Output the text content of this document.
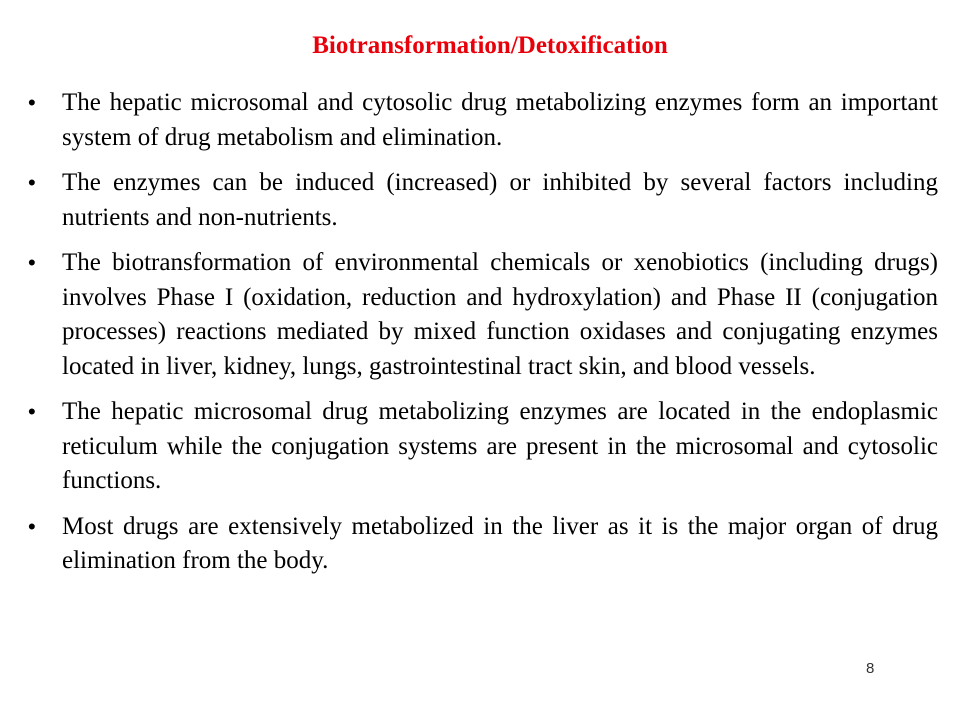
Biotransformation/Detoxification
•	The hepatic microsomal and cytosolic drug metabolizing enzymes form an important system of drug metabolism and elimination.
•	The enzymes can be induced (increased) or inhibited by several factors including nutrients and non-nutrients.
•	The biotransformation of environmental chemicals or xenobiotics (including drugs) involves Phase I (oxidation, reduction and hydroxylation) and Phase II (conjugation processes) reactions mediated by mixed function oxidases and conjugating enzymes located in liver, kidney, lungs, gastrointestinal tract skin, and blood vessels.
•	The hepatic microsomal drug metabolizing enzymes are located in the endoplasmic reticulum while the conjugation systems are present in the microsomal and cytosolic functions.
•	Most drugs are extensively metabolized in the liver as it is the major organ of drug elimination from the body.
8
